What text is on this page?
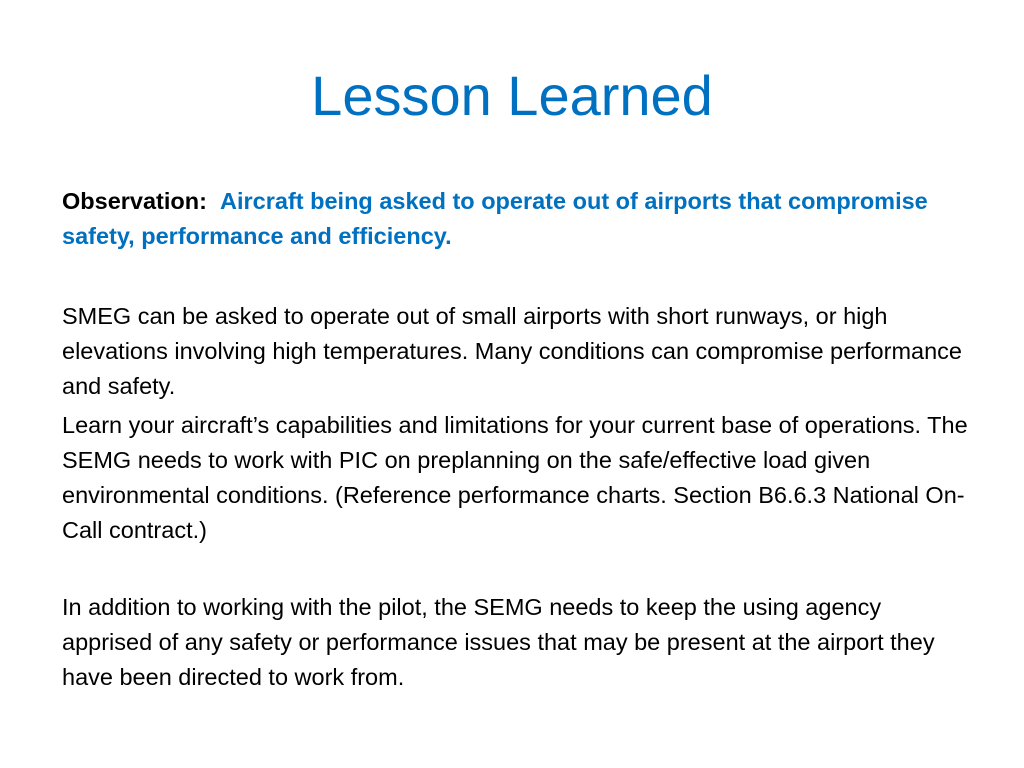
Lesson Learned

Observation: Aircraft being asked to operate out of airports that compromise safety, performance and efficiency.

SMEG can be asked to operate out of small airports with short runways, or high elevations involving high temperatures. Many conditions can compromise performance and safety.

Learn your aircraft’s capabilities and limitations for your current base of operations. The SEMG needs to work with PIC on preplanning on the safe/effective load given environmental conditions. (Reference performance charts. Section B6.6.3 National On-Call contract.)

In addition to working with the pilot, the SEMG needs to keep the using agency apprised of any safety or performance issues that may be present at the airport they have been directed to work from.
